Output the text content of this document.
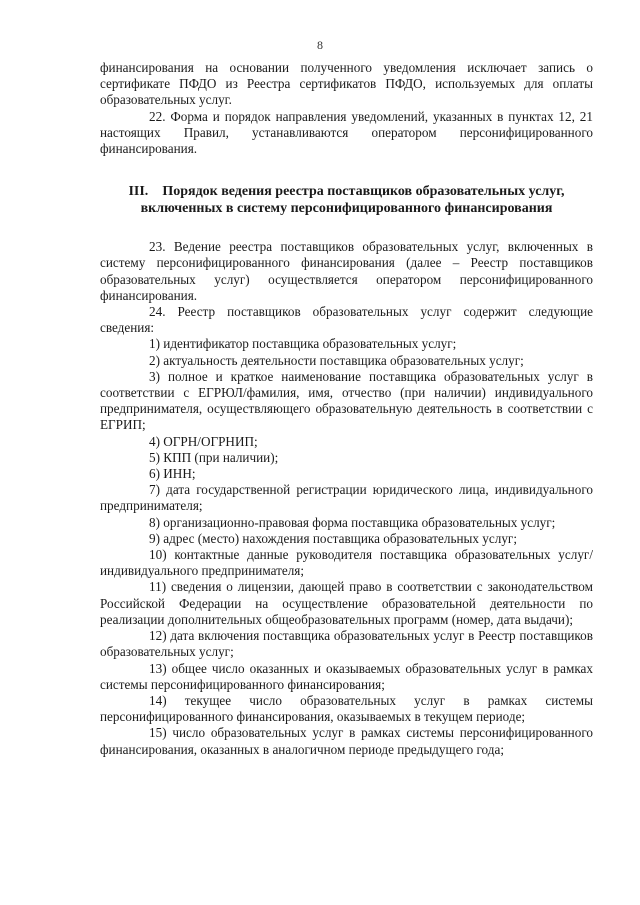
8

финансирования на основании полученного уведомления исключает запись о сертификате ПФДО из Реестра сертификатов ПФДО, используемых для оплаты образовательных услуг.

22. Форма и порядок направления уведомлений, указанных в пунктах 12, 21 настоящих Правил, устанавливаются оператором персонифицированного финансирования.

III. Порядок ведения реестра поставщиков образовательных услуг, включенных в систему персонифицированного финансирования

23. Ведение реестра поставщиков образовательных услуг, включенных в систему персонифицированного финансирования (далее – Реестр поставщиков образовательных услуг) осуществляется оператором персонифицированного финансирования.

24. Реестр поставщиков образовательных услуг содержит следующие сведения:

1) идентификатор поставщика образовательных услуг;

2) актуальность деятельности поставщика образовательных услуг;

3) полное и краткое наименование поставщика образовательных услуг в соответствии с ЕГРЮЛ/фамилия, имя, отчество (при наличии) индивидуального предпринимателя, осуществляющего образовательную деятельность в соответствии с ЕГРИП;

4) ОГРН/ОГРНИП;

5) КПП (при наличии);

6) ИНН;

7) дата государственной регистрации юридического лица, индивидуального предпринимателя;

8) организационно-правовая форма поставщика образовательных услуг;

9) адрес (место) нахождения поставщика образовательных услуг;

10) контактные данные руководителя поставщика образовательных услуг/ индивидуального предпринимателя;

11) сведения о лицензии, дающей право в соответствии с законодательством Российской Федерации на осуществление образовательной деятельности по реализации дополнительных общеобразовательных программ (номер, дата выдачи);

12) дата включения поставщика образовательных услуг в Реестр поставщиков образовательных услуг;

13) общее число оказанных и оказываемых образовательных услуг в рамках системы персонифицированного финансирования;

14) текущее число образовательных услуг в рамках системы персонифицированного финансирования, оказываемых в текущем периоде;

15) число образовательных услуг в рамках системы персонифицированного финансирования, оказанных в аналогичном периоде предыдущего года;
